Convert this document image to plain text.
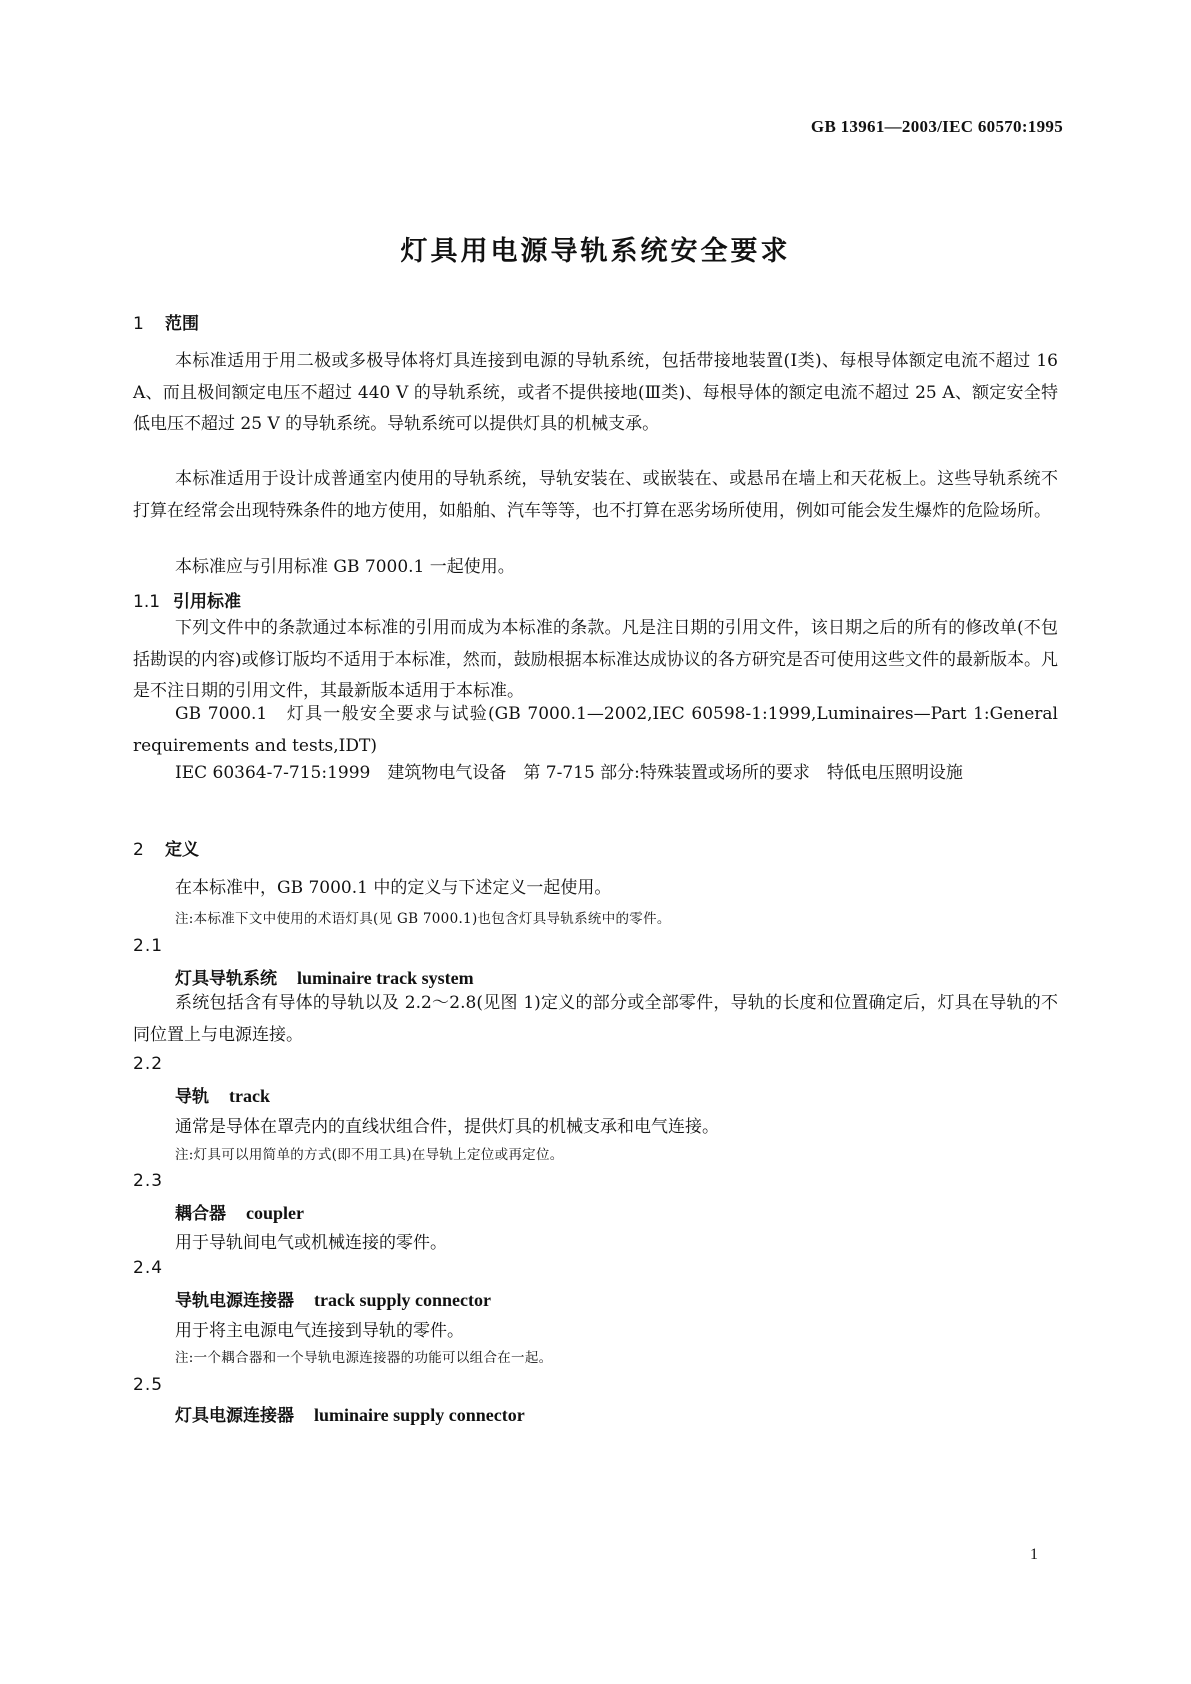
GB 13961—2003/IEC 60570:1995
灯具用电源导轨系统安全要求
1 范围
本标准适用于用二极或多极导体将灯具连接到电源的导轨系统，包括带接地装置(Ⅰ类)、每根导体额定电流不超过 16 A、而且极间额定电压不超过 440 V 的导轨系统，或者不提供接地(Ⅲ类)、每根导体的额定电流不超过 25 A、额定安全特低电压不超过 25 V 的导轨系统。导轨系统可以提供灯具的机械支承。
本标准适用于设计成普通室内使用的导轨系统，导轨安装在、或嵌装在、或悬吊在墙上和天花板上。这些导轨系统不打算在经常会出现特殊条件的地方使用，如船舶、汽车等等，也不打算在恶劣场所使用，例如可能会发生爆炸的危险场所。
本标准应与引用标准 GB 7000.1 一起使用。
1.1 引用标准
下列文件中的条款通过本标准的引用而成为本标准的条款。凡是注日期的引用文件，该日期之后的所有的修改单(不包括勘误的内容)或修订版均不适用于本标准，然而，鼓励根据本标准达成协议的各方研究是否可使用这些文件的最新版本。凡是不注日期的引用文件，其最新版本适用于本标准。
GB 7000.1　灯具一般安全要求与试验(GB 7000.1—2002,IEC 60598-1:1999,Luminaires—Part 1:General requirements and tests,IDT)
IEC 60364-7-715:1999　建筑物电气设备　第 7-715 部分:特殊装置或场所的要求　特低电压照明设施
2 定义
在本标准中，GB 7000.1 中的定义与下述定义一起使用。
注:本标准下文中使用的术语灯具(见 GB 7000.1)也包含灯具导轨系统中的零件。
2.1
灯具导轨系统 luminaire track system
系统包括含有导体的导轨以及 2.2～2.8(见图 1)定义的部分或全部零件，导轨的长度和位置确定后，灯具在导轨的不同位置上与电源连接。
2.2
导轨 track
通常是导体在罩壳内的直线状组合件，提供灯具的机械支承和电气连接。
注:灯具可以用简单的方式(即不用工具)在导轨上定位或再定位。
2.3
耦合器 coupler
用于导轨间电气或机械连接的零件。
2.4
导轨电源连接器 track supply connector
用于将主电源电气连接到导轨的零件。
注:一个耦合器和一个导轨电源连接器的功能可以组合在一起。
2.5
灯具电源连接器 luminaire supply connector
1
